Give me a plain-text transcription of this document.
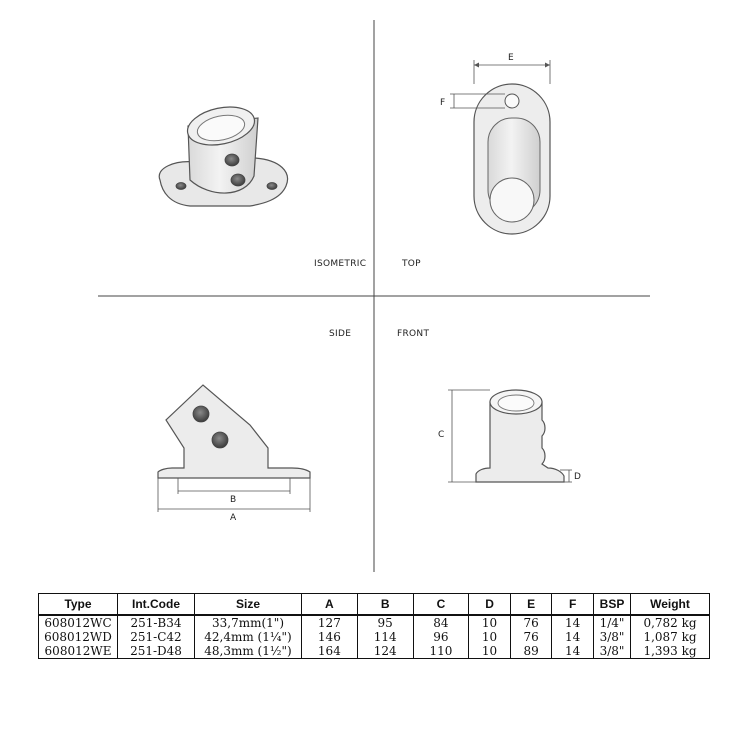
E
F
B
A
C
D
ISOMETRIC	TOP
SIDE	FRONT
Type	Int.Code	Size	A	B	C	D	E	F	BSP	Weight
608012WC	251-B34	33,7mm(1")	127	95	84	10	76	14	1/4"	0,782 kg
608012WD	251-C42	42,4mm (1¼")	146	114	96	10	76	14	3/8"	1,087 kg
608012WE	251-D48	48,3mm (1½")	164	124	110	10	89	14	3/8"	1,393 kg
